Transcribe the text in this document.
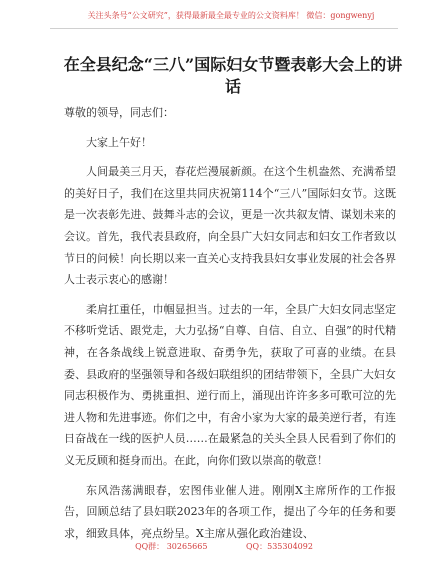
关注头条号“公文研究”，获得最新最全最专业的公文资料库！ 微信：gongwenyj
在全县纪念“三八”国际妇女节暨表彰大会上的讲话

尊敬的领导，同志们：

大家上午好！

人间最美三月天，春花烂漫展新颜。在这个生机盎然、充满希望的美好日子，我们在这里共同庆祝第114个“三八”国际妇女节。这既是一次表彰先进、鼓舞斗志的会议，更是一次共叙友情、谋划未来的会议。首先，我代表县政府，向全县广大妇女同志和妇女工作者致以节日的问候！向长期以来一直关心支持我县妇女事业发展的社会各界人士表示衷心的感谢！

柔肩扛重任，巾帼显担当。过去的一年，全县广大妇女同志坚定不移听党话、跟党走，大力弘扬“自尊、自信、自立、自强”的时代精神，在各条战线上锐意进取、奋勇争先，获取了可喜的业绩。在县委、县政府的坚强领导和各级妇联组织的团结带领下，全县广大妇女同志积极作为、勇挑重担、逆行而上，涌现出许许多多可歌可泣的先进人物和先进事迹。你们之中，有舍小家为大家的最美逆行者，有连日奋战在一线的医护人员……在最紧急的关头全县人民看到了你们的义无反顾和挺身而出。在此，向你们致以崇高的敬意！

东风浩荡满眼春，宏图伟业催人进。刚刚X主席所作的工作报告，回顾总结了县妇联2023年的各项工作，提出了今年的任务和要求，细致具体，亮点纷呈。X主席从强化政治建设、

QQ群： 30265665	QQ：535304092
